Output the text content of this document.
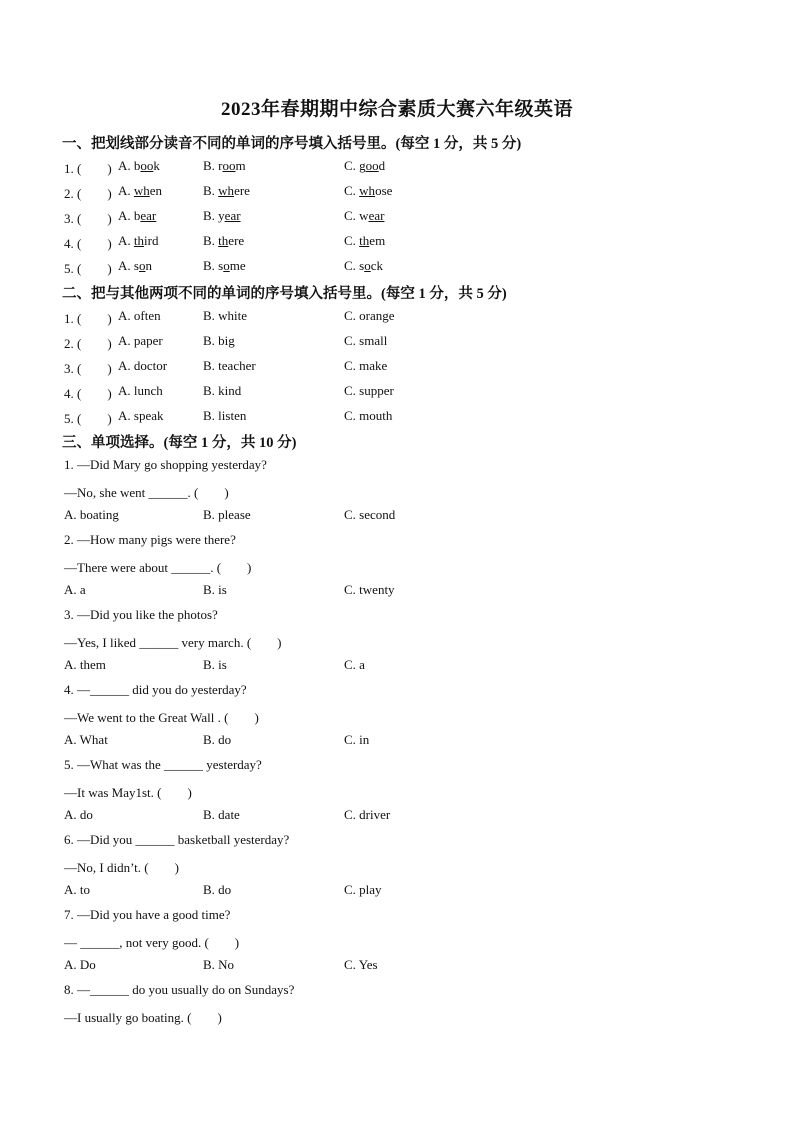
2023年春期期中综合素质大赛六年级英语
一、把划线部分读音不同的单词的序号填入括号里。(每空 1 分，共 5 分)
1. (　　) A. book	B. room	C. good
2. (　　) A. when	B. where	C. whose
3. (　　) A. bear	B. year	C. wear
4. (　　) A. third	B. there	C. them
5. (　　) A. son	B. some	C. sock
二、把与其他两项不同的单词的序号填入括号里。(每空 1 分，共 5 分)
1. (　　) A. often	B. white	C. orange
2. (　　) A. paper	B. big	C. small
3. (　　) A. doctor	B. teacher	C. make
4. (　　) A. lunch	B. kind	C. supper
5. (　　) A. speak	B. listen	C. mouth
三、单项选择。(每空 1 分，共 10 分)
1. —Did Mary go shopping yesterday?
—No, she went ______. (　　)
A. boating	B. please	C. second
2. —How many pigs were there?
—There were about ______. (　　)
A. a	B. is	C. twenty
3. —Did you like the photos?
—Yes, I liked ______ very march. (　　)
A. them	B. is	C. a
4. —______ did you do yesterday?
—We went to the Great Wall . (　　)
A. What	B. do	C. in
5. —What was the ______ yesterday?
—It was May1st. (　　)
A. do	B. date	C. driver
6. —Did you ______ basketball yesterday?
—No, I didn’t. (　　)
A. to	B. do	C. play
7. —Did you have a good time?
— ______, not very good. (　　)
A. Do	B. No	C. Yes
8. —______ do you usually do on Sundays?
—I usually go boating. (　　)
